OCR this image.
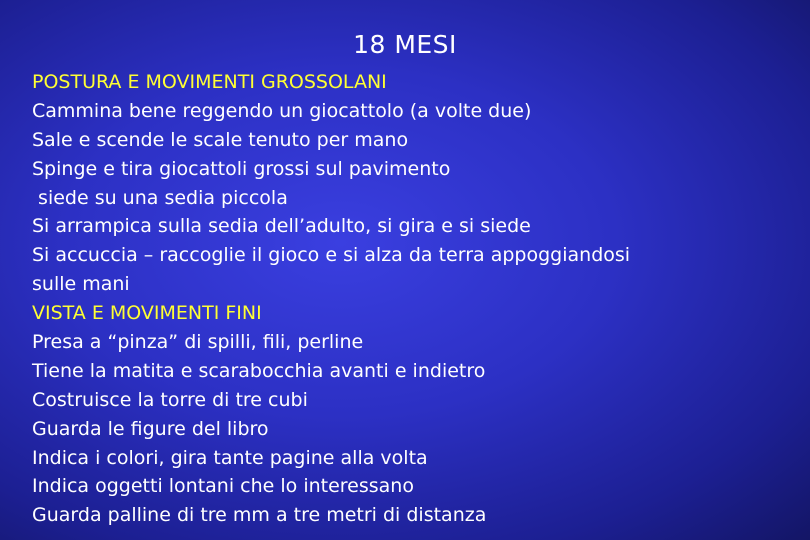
18 MESI
POSTURA E MOVIMENTI GROSSOLANI
Cammina bene reggendo un giocattolo (a volte due)
Sale e scende le scale tenuto per mano
Spinge e tira giocattoli grossi sul pavimento
siede su una sedia piccola
Si arrampica sulla sedia dell’adulto, si gira e si siede
Si accuccia – raccoglie il gioco e si alza da terra appoggiandosi
sulle mani
VISTA E MOVIMENTI FINI
Presa a “pinza” di spilli, fili, perline
Tiene la matita e scarabocchia avanti e indietro
Costruisce la torre di tre cubi
Guarda le figure del libro
Indica i colori, gira tante pagine alla volta
Indica oggetti lontani che lo interessano
Guarda palline di tre mm a tre metri di distanza
